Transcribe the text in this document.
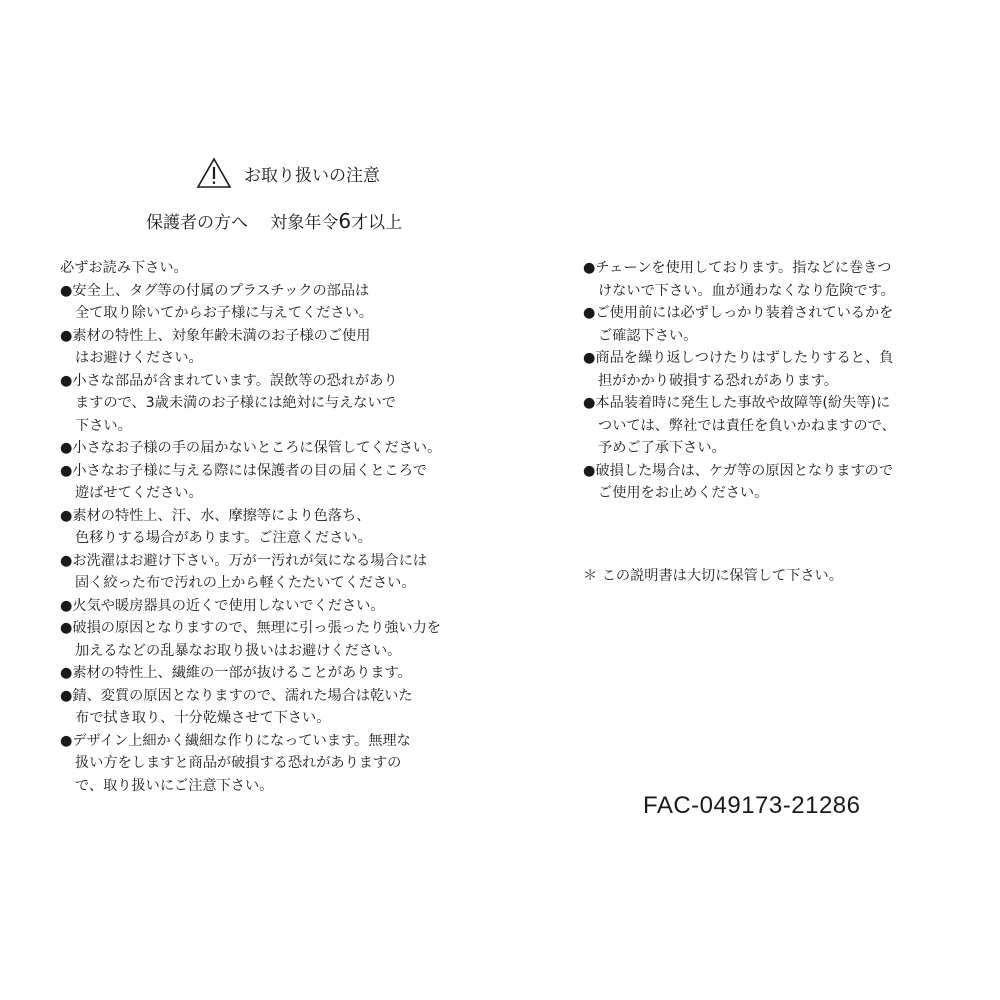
お取り扱いの注意
保護者の方へ　 対象年令6才以上
必ずお読み下さい。
●安全上、タグ等の付属のプラスチックの部品は
全て取り除いてからお子様に与えてください。
●素材の特性上、対象年齢未満のお子様のご使用
はお避けください。
●小さな部品が含まれています。誤飲等の恐れがあり
ますので、3歳未満のお子様には絶対に与えないで
下さい。
●小さなお子様の手の届かないところに保管してください。
●小さなお子様に与える際には保護者の目の届くところで
遊ばせてください。
●素材の特性上、汗、水、摩擦等により色落ち、
色移りする場合があります。ご注意ください。
●お洗濯はお避け下さい。万が一汚れが気になる場合には
固く絞った布で汚れの上から軽くたたいてください。
●火気や暖房器具の近くで使用しないでください。
●破損の原因となりますので、無理に引っ張ったり強い力を
加えるなどの乱暴なお取り扱いはお避けください。
●素材の特性上、繊維の一部が抜けることがあります。
●錆、変質の原因となりますので、濡れた場合は乾いた
布で拭き取り、十分乾燥させて下さい。
●デザイン上細かく繊細な作りになっています。無理な
扱い方をしますと商品が破損する恐れがありますの
で、取り扱いにご注意下さい。
●チェーンを使用しております。指などに巻きつ
けないで下さい。血が通わなくなり危険です。
●ご使用前には必ずしっかり装着されているかを
ご確認下さい。
●商品を繰り返しつけたりはずしたりすると、負
担がかかり破損する恐れがあります。
●本品装着時に発生した事故や故障等(紛失等)に
ついては、弊社では責任を負いかねますので、
予めご了承下さい。
●破損した場合は、ケガ等の原因となりますので
ご使用をお止めください。
＊ この説明書は大切に保管して下さい。
FAC-049173-21286
